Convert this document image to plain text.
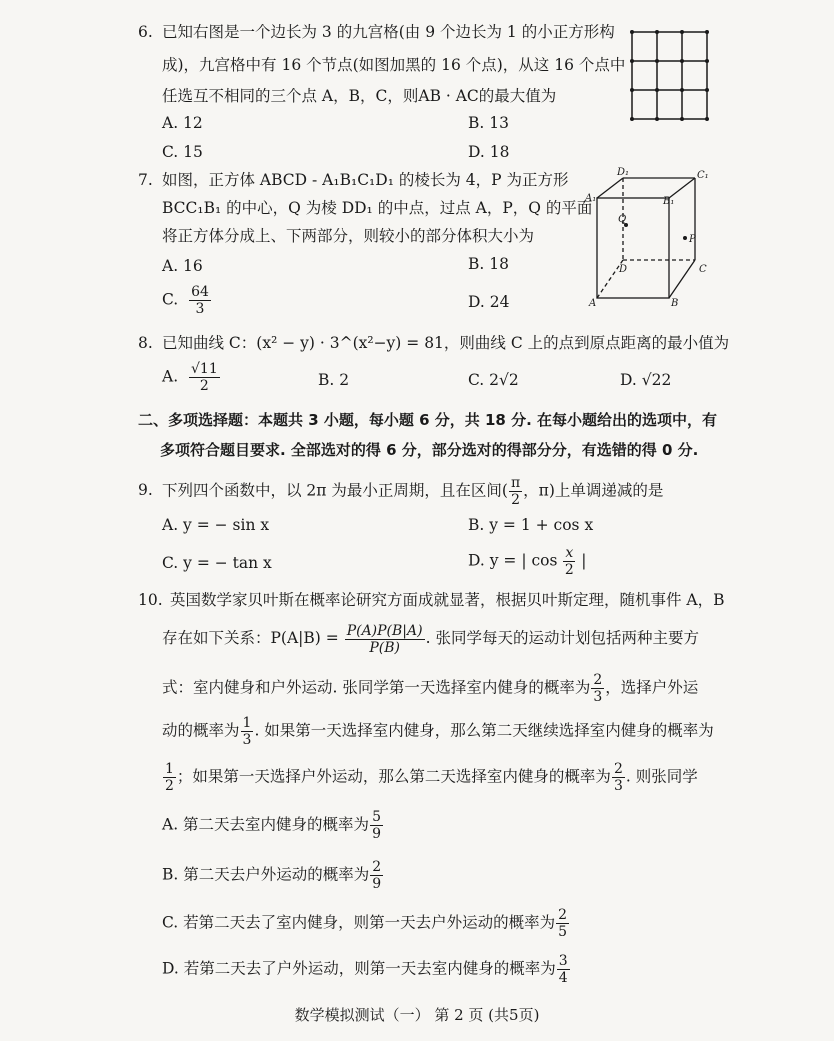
6. 已知右图是一个边长为 3 的九宫格(由 9 个边长为 1 的小正方形构
成)，九宫格中有 16 个节点(如图加黑的 16 个点)，从这 16 个点中
任选互不相同的三个点 A，B，C，则AB · AC的最大值为
A. 12	B. 13
C. 15	D. 18
7. 如图，正方体 ABCD - A₁B₁C₁D₁ 的棱长为 4，P 为正方形
BCC₁B₁ 的中心，Q 为棱 DD₁ 的中点，过点 A，P，Q 的平面
将正方体分成上、下两部分，则较小的部分体积大小为
A. 16	B. 18
C. $\frac{64}{3}$	D. 24
D₁	C₁
A₁	B₁
Q
P
D	C
A	B
8. 已知曲线 C：(x² − y) · 3^(x²−y) = 81，则曲线 C 上的点到原点距离的最小值为
A. $\frac{√11}{2}$	B. 2	C. 2√2	D. √22
二、多项选择题：本题共 3 小题，每小题 6 分，共 18 分. 在每小题给出的选项中，有
多项符合题目要求. 全部选对的得 6 分，部分选对的得部分分，有选错的得 0 分.
9. 下列四个函数中，以 2π 为最小正周期，且在区间( $\frac{\pi}{2}$ ，π)上单调递减的是
A. y = − sin x	B. y = 1 + cos x
C. y = − tan x	D. y = | $\cos \frac{x}{2}$ |
10. 英国数学家贝叶斯在概率论研究方面成就显著，根据贝叶斯定理，随机事件 A，B
存在如下关系：$P(A|B) = \frac{P(A)P(B|A)}{P(B)}$ . 张同学每天的运动计划包括两种主要方
式：室内健身和户外运动. 张同学第一天选择室内健身的概率为 $\frac{2}{3}$ ，选择户外运
动的概率为 $\frac{1}{3}$ . 如果第一天选择室内健身，那么第二天继续选择室内健身的概率为
$\frac{1}{2}$ ；如果第一天选择户外运动，那么第二天选择室内健身的概率为 $\frac{2}{3}$ . 则张同学
A. 第二天去室内健身的概率为 $\frac{5}{9}$
B. 第二天去户外运动的概率为 $\frac{2}{9}$
C. 若第二天去了室内健身，则第一天去户外运动的概率为 $\frac{2}{5}$
D. 若第二天去了户外运动，则第一天去室内健身的概率为 $\frac{3}{4}$
数学模拟测试（一） 第 2 页 (共5页)
